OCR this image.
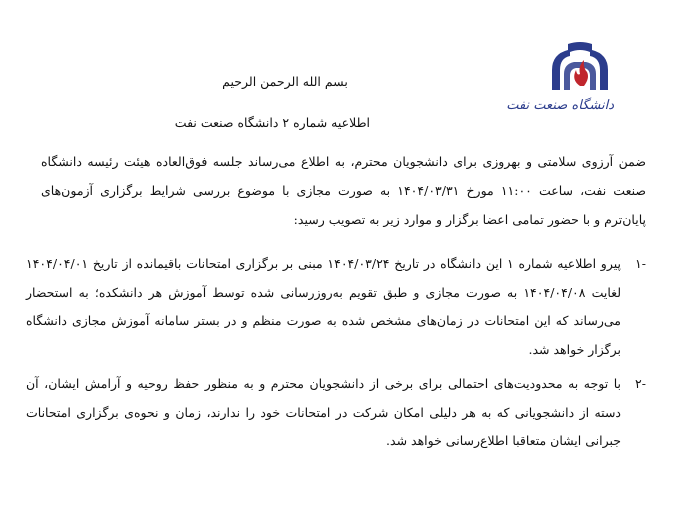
دانشگاه صنعت نفت
بسم الله الرحمن الرحیم
اطلاعیه شماره ۲ دانشگاه صنعت نفت
ضمن آرزوی سلامتی و بهروزی برای دانشجویان محترم، به اطلاع می‌رساند جلسه فوق‌العاده هیئت رئیسه دانشگاه صنعت نفت، ساعت ۱۱:۰۰ مورخ ۱۴۰۴/۰۳/۳۱ به صورت مجازی با موضوع بررسی شرایط برگزاری آزمون‌های پایان‌ترم و با حضور تمامی اعضا برگزار و موارد زیر به تصویب رسید:
-۱
پیرو اطلاعیه شماره ۱ این دانشگاه در تاریخ ۱۴۰۴/۰۳/۲۴ مبنی بر برگزاری امتحانات باقیمانده از تاریخ ۱۴۰۴/۰۴/۰۱ لغایت ۱۴۰۴/۰۴/۰۸ به صورت مجازی و طبق تقویم به‌روزرسانی شده توسط آموزش هر دانشکده؛ به استحضار می‌رساند که این امتحانات در زمان‌های مشخص شده به صورت منظم و در بستر سامانه آموزش مجازی دانشگاه برگزار خواهد شد.
-۲
با توجه به محدودیت‌های احتمالی برای برخی از دانشجویان محترم و به منظور حفظ روحیه و آرامش ایشان، آن دسته از دانشجویانی که به هر دلیلی امکان شرکت در امتحانات خود را ندارند، زمان و نحوه‌ی برگزاری امتحانات جبرانی ایشان متعاقبا اطلاع‌رسانی خواهد شد.
